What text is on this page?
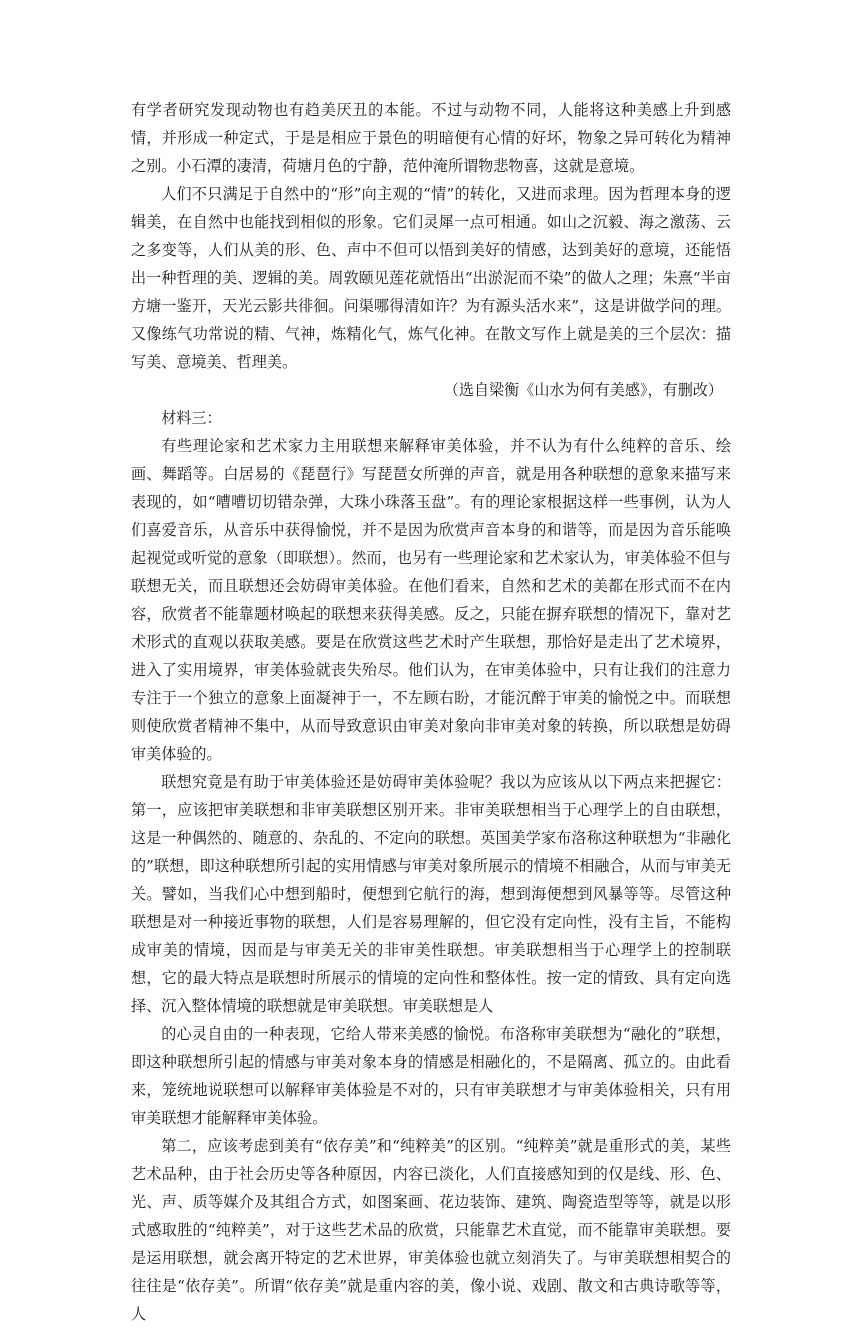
有学者研究发现动物也有趋美厌丑的本能。不过与动物不同，人能将这种美感上升到感情，并形成一种定式，于是是相应于景色的明暗便有心情的好坏，物象之异可转化为精神之别。小石潭的凄清，荷塘月色的宁静，范仲淹所谓物悲物喜，这就是意境。

人们不只满足于自然中的“形”向主观的“情”的转化，又进而求理。因为哲理本身的逻辑美，在自然中也能找到相似的形象。它们灵犀一点可相通。如山之沉毅、海之激荡、云之多变等，人们从美的形、色、声中不但可以悟到美好的情感，达到美好的意境，还能悟出一种哲理的美、逻辑的美。周敦颐见莲花就悟出“出淤泥而不染”的做人之理；朱熹“半亩方塘一鉴开，天光云影共徘徊。问渠哪得清如许？为有源头活水来”，这是讲做学问的理。又像练气功常说的精、气神，炼精化气，炼气化神。在散文写作上就是美的三个层次：描写美、意境美、哲理美。

（选自梁衡《山水为何有美感》，有删改）

材料三：

有些理论家和艺术家力主用联想来解释审美体验，并不认为有什么纯粹的音乐、绘画、舞蹈等。白居易的《琵琶行》写琵琶女所弹的声音，就是用各种联想的意象来描写来表现的，如“嘈嘈切切错杂弹，大珠小珠落玉盘”。有的理论家根据这样一些事例，认为人们喜爱音乐，从音乐中获得愉悦，并不是因为欣赏声音本身的和谐等，而是因为音乐能唤起视觉或听觉的意象（即联想）。然而，也另有一些理论家和艺术家认为，审美体验不但与联想无关，而且联想还会妨碍审美体验。在他们看来，自然和艺术的美都在形式而不在内容，欣赏者不能靠题材唤起的联想来获得美感。反之，只能在摒弃联想的情况下，靠对艺术形式的直观以获取美感。要是在欣赏这些艺术时产生联想，那恰好是走出了艺术境界，进入了实用境界，审美体验就丧失殆尽。他们认为，在审美体验中，只有让我们的注意力专注于一个独立的意象上面凝神于一，不左顾右盼，才能沉醉于审美的愉悦之中。而联想则使欣赏者精神不集中，从而导致意识由审美对象向非审美对象的转换，所以联想是妨碍审美体验的。

联想究竟是有助于审美体验还是妨碍审美体验呢？我以为应该从以下两点来把握它：第一，应该把审美联想和非审美联想区别开来。非审美联想相当于心理学上的自由联想，这是一种偶然的、随意的、杂乱的、不定向的联想。英国美学家布洛称这种联想为“非融化的”联想，即这种联想所引起的实用情感与审美对象所展示的情境不相融合，从而与审美无关。譬如，当我们心中想到船时，便想到它航行的海，想到海便想到风暴等等。尽管这种联想是对一种接近事物的联想，人们是容易理解的，但它没有定向性，没有主旨，不能构成审美的情境，因而是与审美无关的非审美性联想。审美联想相当于心理学上的控制联想，它的最大特点是联想时所展示的情境的定向性和整体性。按一定的情致、具有定向选择、沉入整体情境的联想就是审美联想。审美联想是人

的心灵自由的一种表现，它给人带来美感的愉悦。布洛称审美联想为“融化的”联想，即这种联想所引起的情感与审美对象本身的情感是相融化的，不是隔离、孤立的。由此看来，笼统地说联想可以解释审美体验是不对的，只有审美联想才与审美体验相关，只有用审美联想才能解释审美体验。

第二，应该考虑到美有“依存美”和“纯粹美”的区别。“纯粹美”就是重形式的美，某些艺术品种，由于社会历史等各种原因，内容已淡化，人们直接感知到的仅是线、形、色、光、声、质等媒介及其组合方式，如图案画、花边装饰、建筑、陶瓷造型等等，就是以形式感取胜的“纯粹美”，对于这些艺术品的欣赏，只能靠艺术直觉，而不能靠审美联想。要是运用联想，就会离开特定的艺术世界，审美体验也就立刻消失了。与审美联想相契合的往往是“依存美”。所谓“依存美”就是重内容的美，像小说、戏剧、散文和古典诗歌等等，人
